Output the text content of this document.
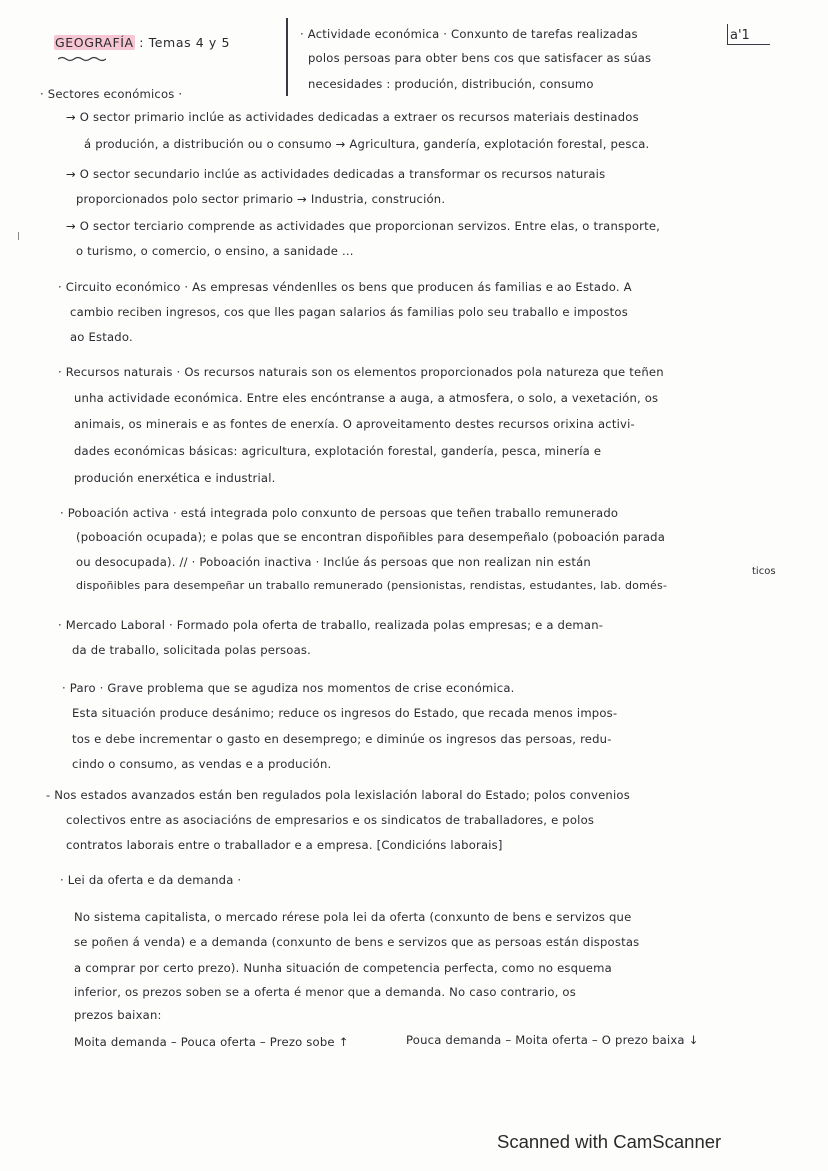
GEOGRAFÍA : Temas 4 y 5	a'1
· Actividade económica · Conxunto de tarefas realizadas
polos persoas para obter bens cos que satisfacer as súas
necesidades : produción, distribución, consumo
· Sectores económicos ·
→ O sector primario inclúe as actividades dedicadas a extraer os recursos materiais destinados
á produción, a distribución ou o consumo → Agricultura, gandería, explotación forestal, pesca.
→ O sector secundario inclúe as actividades dedicadas a transformar os recursos naturais
proporcionados polo sector primario → Industria, construción.
→ O sector terciario comprende as actividades que proporcionan servizos. Entre elas, o transporte,
o turismo, o comercio, o ensino, a sanidade ...
· Circuito económico · As empresas véndenlles os bens que producen ás familias e ao Estado. A
cambio reciben ingresos, cos que lles pagan salarios ás familias polo seu traballo e impostos
ao Estado.
· Recursos naturais · Os recursos naturais son os elementos proporcionados pola natureza que teñen
unha actividade económica. Entre eles encóntranse a auga, a atmosfera, o solo, a vexetación, os
animais, os minerais e as fontes de enerxía. O aproveitamento destes recursos orixina activi-
dades económicas básicas: agricultura, explotación forestal, gandería, pesca, minería e
produción enerxética e industrial.
· Poboación activa · está integrada polo conxunto de persoas que teñen traballo remunerado
(poboación ocupada); e polas que se encontran dispoñibles para desempeñalo (poboación parada
ou desocupada). // · Poboación inactiva · Inclúe ás persoas que non realizan nin están
dispoñibles para desempeñar un traballo remunerado (pensionistas, rendistas, estudantes, lab. domés-
ticos
· Mercado Laboral · Formado pola oferta de traballo, realizada polas empresas; e a deman-
da de traballo, solicitada polas persoas.
· Paro · Grave problema que se agudiza nos momentos de crise económica.
Esta situación produce desánimo; reduce os ingresos do Estado, que recada menos impos-
tos e debe incrementar o gasto en desemprego; e diminúe os ingresos das persoas, redu-
cindo o consumo, as vendas e a produción.
- Nos estados avanzados están ben regulados pola lexislación laboral do Estado; polos convenios
colectivos entre as asociacións de empresarios e os sindicatos de traballadores, e polos
contratos laborais entre o traballador e a empresa. [Condicións laborais]
· Lei da oferta e da demanda ·
No sistema capitalista, o mercado rérese pola lei da oferta (conxunto de bens e servizos que
se poñen á venda) e a demanda (conxunto de bens e servizos que as persoas están dispostas
a comprar por certo prezo). Nunha situación de competencia perfecta, como no esquema
inferior, os prezos soben se a oferta é menor que a demanda. No caso contrario, os
prezos baixan:
Moita demanda – Pouca oferta – Prezo sobe ↑	Pouca demanda – Moita oferta – O prezo baixa ↓
Scanned with CamScanner
